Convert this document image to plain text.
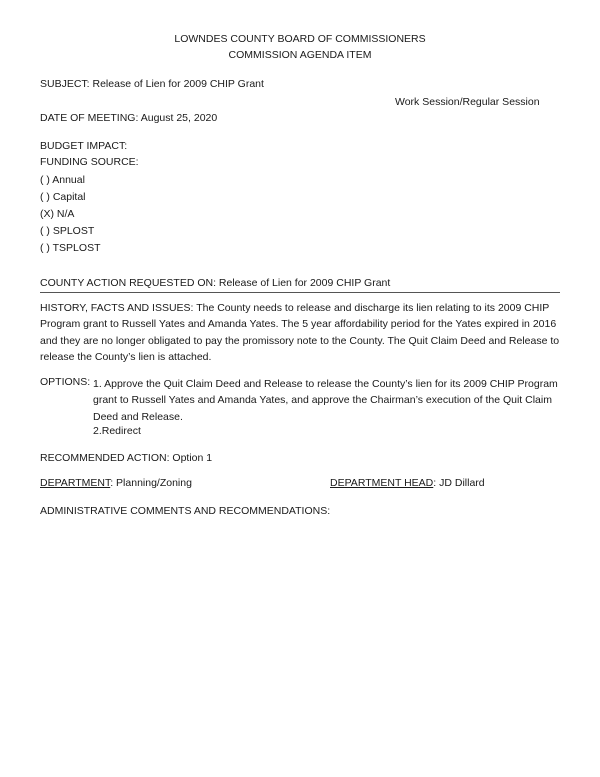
LOWNDES COUNTY BOARD OF COMMISSIONERS
COMMISSION AGENDA ITEM
SUBJECT: Release of Lien for 2009 CHIP Grant
Work Session/Regular Session
DATE OF MEETING: August 25, 2020
BUDGET IMPACT:
FUNDING SOURCE:
( ) Annual
( ) Capital
(X) N/A
( ) SPLOST
( ) TSPLOST
COUNTY ACTION REQUESTED ON: Release of Lien for 2009 CHIP Grant
HISTORY, FACTS AND ISSUES: The County needs to release and discharge its lien relating to its 2009 CHIP Program grant to Russell Yates and Amanda Yates. The 5 year affordability period for the Yates expired in 2016 and they are no longer obligated to pay the promissory note to the County. The Quit Claim Deed and Release to release the County’s lien is attached.
OPTIONS: 1. Approve the Quit Claim Deed and Release to release the County’s lien for its 2009 CHIP Program grant to Russell Yates and Amanda Yates, and approve the Chairman’s execution of the Quit Claim Deed and Release.
2.Redirect
RECOMMENDED ACTION: Option 1
DEPARTMENT: Planning/Zoning	DEPARTMENT HEAD: JD Dillard
ADMINISTRATIVE COMMENTS AND RECOMMENDATIONS:
